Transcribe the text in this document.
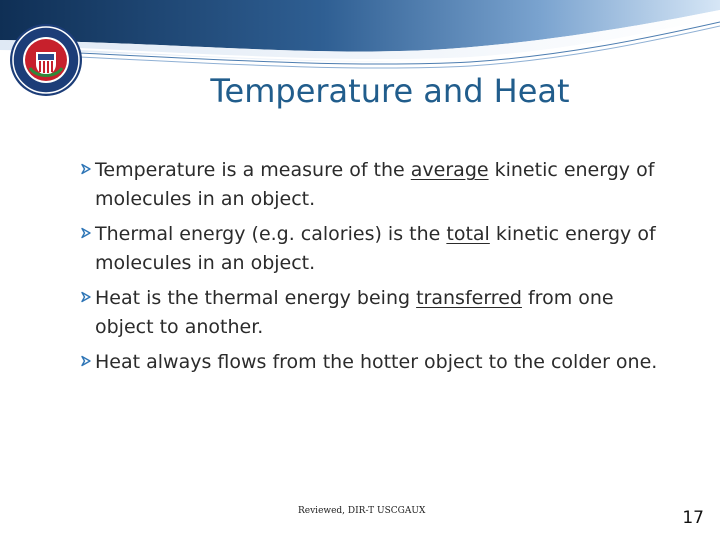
Temperature and Heat
Temperature is a measure of the average kinetic energy of
molecules in an object.
Thermal energy (e.g. calories) is the total kinetic energy of
molecules in an object.
Heat is the thermal energy being transferred from one
object to another.
Heat always flows from the hotter object to the colder one.
Reviewed, DIR-T USCGAUX	17
